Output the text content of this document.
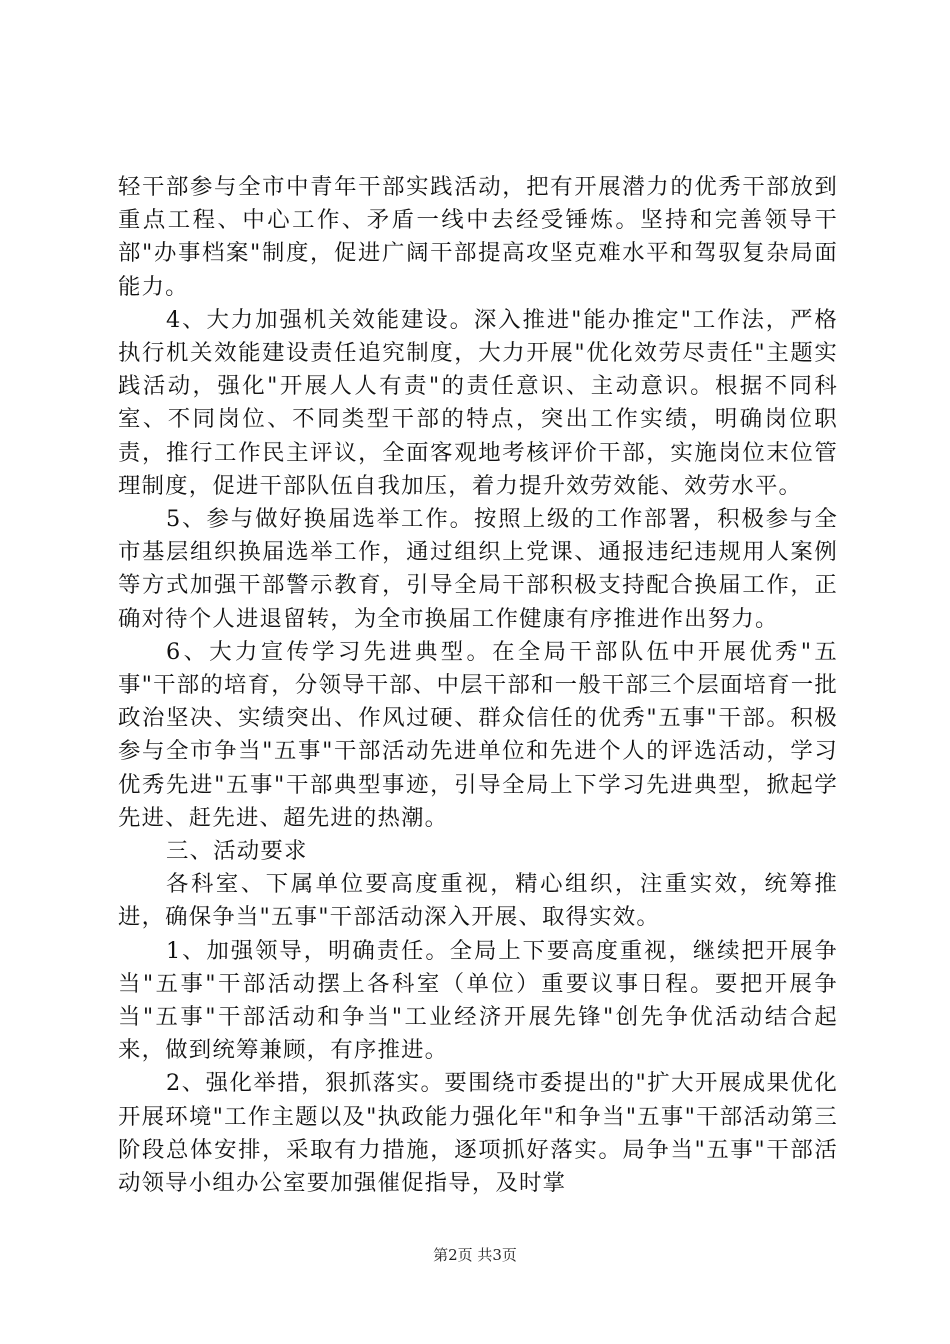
轻干部参与全市中青年干部实践活动，把有开展潜力的优秀干部放到重点工程、中心工作、矛盾一线中去经受锤炼。坚持和完善领导干部"办事档案"制度，促进广阔干部提高攻坚克难水平和驾驭复杂局面能力。

4、大力加强机关效能建设。深入推进"能办推定"工作法，严格执行机关效能建设责任追究制度，大力开展"优化效劳尽责任"主题实践活动，强化"开展人人有责"的责任意识、主动意识。根据不同科室、不同岗位、不同类型干部的特点，突出工作实绩，明确岗位职责，推行工作民主评议，全面客观地考核评价干部，实施岗位末位管理制度，促进干部队伍自我加压，着力提升效劳效能、效劳水平。

5、参与做好换届选举工作。按照上级的工作部署，积极参与全市基层组织换届选举工作，通过组织上党课、通报违纪违规用人案例等方式加强干部警示教育，引导全局干部积极支持配合换届工作，正确对待个人进退留转，为全市换届工作健康有序推进作出努力。

6、大力宣传学习先进典型。在全局干部队伍中开展优秀"五事"干部的培育，分领导干部、中层干部和一般干部三个层面培育一批政治坚决、实绩突出、作风过硬、群众信任的优秀"五事"干部。积极参与全市争当"五事"干部活动先进单位和先进个人的评选活动，学习优秀先进"五事"干部典型事迹，引导全局上下学习先进典型，掀起学先进、赶先进、超先进的热潮。

三、活动要求

各科室、下属单位要高度重视，精心组织，注重实效，统筹推进，确保争当"五事"干部活动深入开展、取得实效。

1、加强领导，明确责任。全局上下要高度重视，继续把开展争当"五事"干部活动摆上各科室（单位）重要议事日程。要把开展争当"五事"干部活动和争当"工业经济开展先锋"创先争优活动结合起来，做到统筹兼顾，有序推进。

2、强化举措，狠抓落实。要围绕市委提出的"扩大开展成果优化开展环境"工作主题以及"执政能力强化年"和争当"五事"干部活动第三阶段总体安排，采取有力措施，逐项抓好落实。局争当"五事"干部活动领导小组办公室要加强催促指导，及时掌

第2页 共3页
